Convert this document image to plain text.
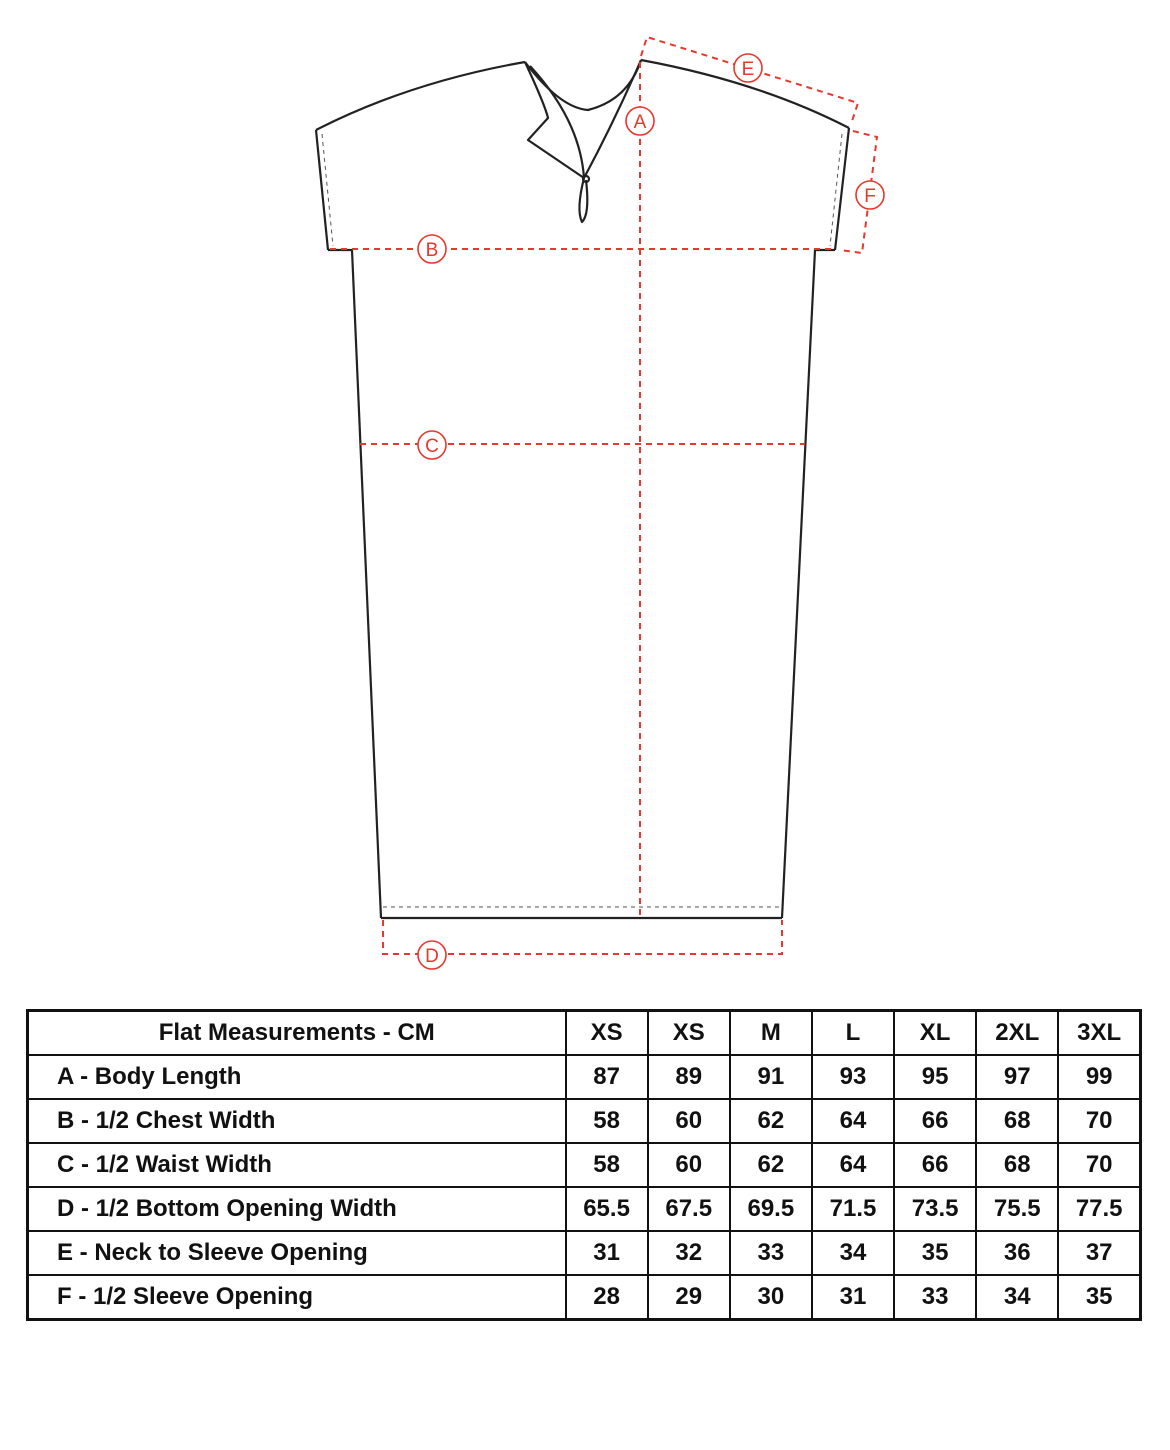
A
B
C
D
E
F
Flat Measurements - CM	XS	XS	M	L	XL	2XL	3XL
A - Body Length	87	89	91	93	95	97	99
B - 1/2 Chest Width	58	60	62	64	66	68	70
C - 1/2 Waist Width	58	60	62	64	66	68	70
D - 1/2 Bottom Opening Width	65.5	67.5	69.5	71.5	73.5	75.5	77.5
E - Neck to Sleeve Opening	31	32	33	34	35	36	37
F - 1/2 Sleeve Opening	28	29	30	31	33	34	35
